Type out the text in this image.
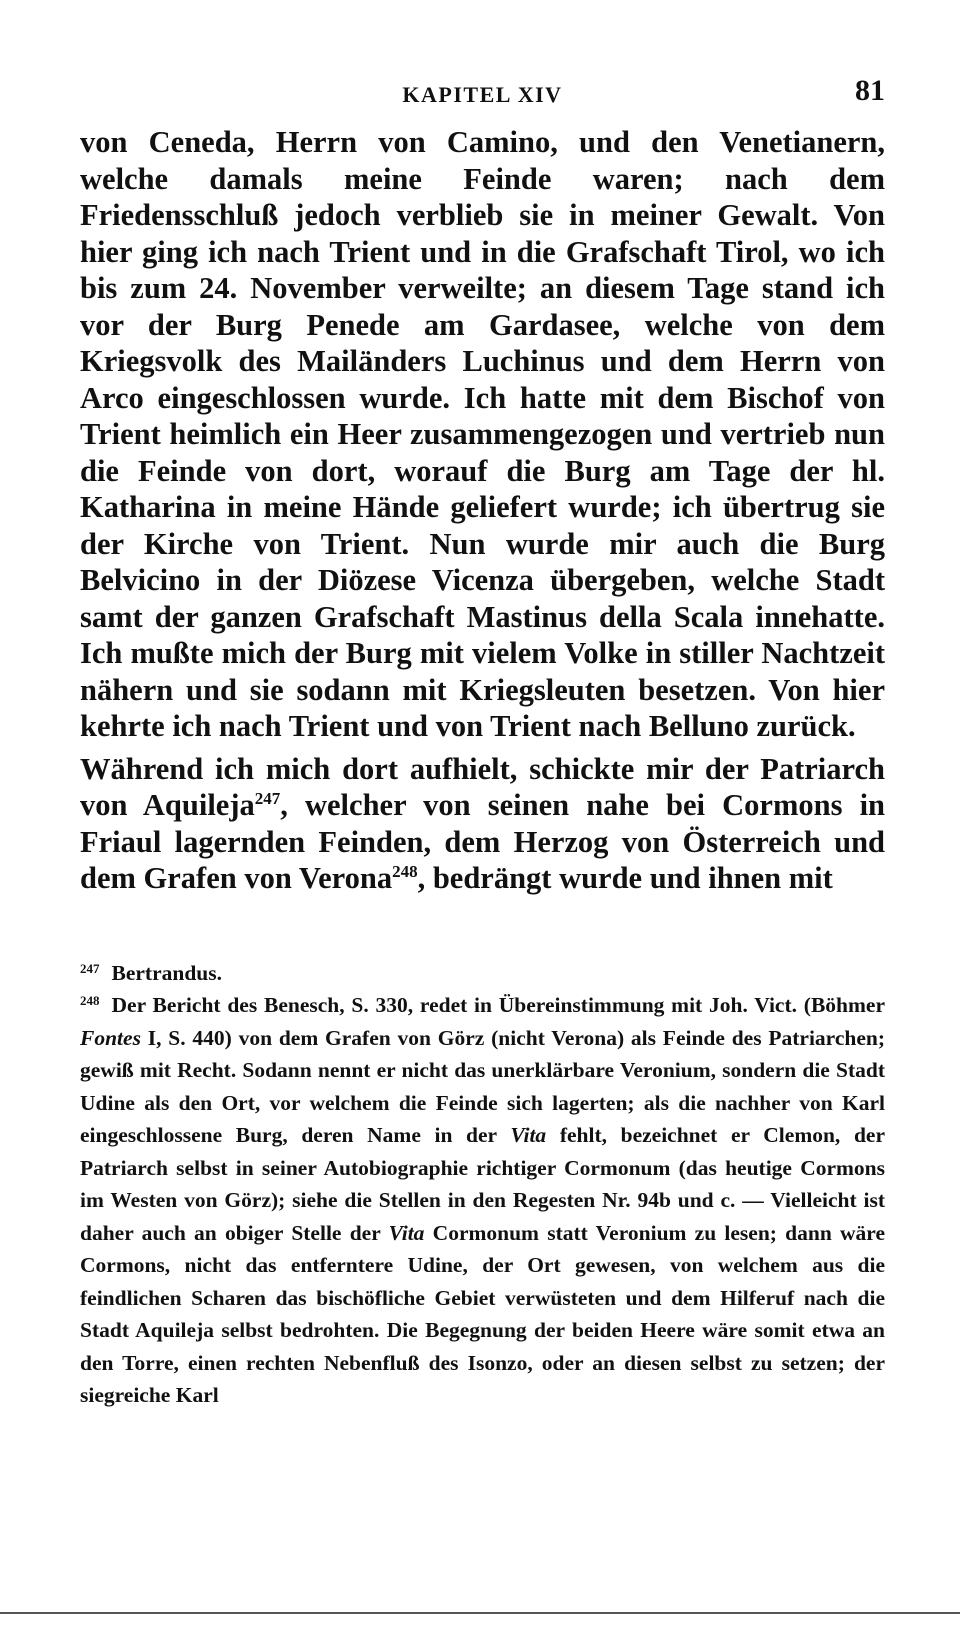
KAPITEL XIV	81

von Ceneda, Herrn von Camino, und den Venetianern, welche damals meine Feinde waren; nach dem Friedensschluß jedoch verblieb sie in meiner Gewalt. Von hier ging ich nach Trient und in die Grafschaft Tirol, wo ich bis zum 24. November verweilte; an diesem Tage stand ich vor der Burg Penede am Gardasee, welche von dem Kriegsvolk des Mailänders Luchinus und dem Herrn von Arco eingeschlossen wurde. Ich hatte mit dem Bischof von Trient heimlich ein Heer zusammengezogen und vertrieb nun die Feinde von dort, worauf die Burg am Tage der hl. Katharina in meine Hände geliefert wurde; ich übertrug sie der Kirche von Trient. Nun wurde mir auch die Burg Belvicino in der Diözese Vicenza übergeben, welche Stadt samt der ganzen Grafschaft Mastinus della Scala innehatte. Ich mußte mich der Burg mit vielem Volke in stiller Nachtzeit nähern und sie sodann mit Kriegsleuten besetzen. Von hier kehrte ich nach Trient und von Trient nach Belluno zurück.

Während ich mich dort aufhielt, schickte mir der Patriarch von Aquileja$^{247}$, welcher von seinen nahe bei Cormons in Friaul lagernden Feinden, dem Herzog von Österreich und dem Grafen von Verona$^{248}$, bedrängt wurde und ihnen mit

$^{247}$ Bertrandus.

$^{248}$ Der Bericht des Benesch, S. 330, redet in Übereinstimmung mit Joh. Vict. (Böhmer Fontes I, S. 440) von dem Grafen von Görz (nicht Verona) als Feinde des Patriarchen; gewiß mit Recht. Sodann nennt er nicht das unerklärbare Veronium, sondern die Stadt Udine als den Ort, vor welchem die Feinde sich lagerten; als die nachher von Karl eingeschlossene Burg, deren Name in der Vita fehlt, bezeichnet er Clemon, der Patriarch selbst in seiner Autobiographie richtiger Cormonum (das heutige Cormons im Westen von Görz); siehe die Stellen in den Regesten Nr. 94b und c. — Vielleicht ist daher auch an obiger Stelle der Vita Cormonum statt Veronium zu lesen; dann wäre Cormons, nicht das entferntere Udine, der Ort gewesen, von welchem aus die feindlichen Scharen das bischöfliche Gebiet verwüsteten und dem Hilferuf nach die Stadt Aquileja selbst bedrohten. Die Begegnung der beiden Heere wäre somit etwa an den Torre, einen rechten Nebenfluß des Isonzo, oder an diesen selbst zu setzen; der siegreiche Karl
